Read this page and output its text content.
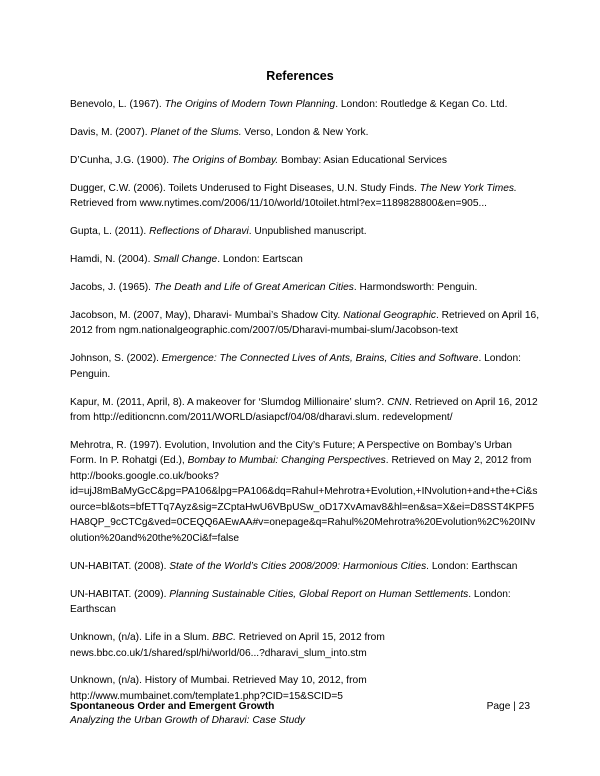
References
Benevolo, L. (1967). The Origins of Modern Town Planning. London: Routledge & Kegan Co. Ltd.
Davis, M. (2007). Planet of the Slums. Verso, London & New York.
D’Cunha, J.G. (1900). The Origins of Bombay. Bombay: Asian Educational Services
Dugger, C.W. (2006). Toilets Underused to Fight Diseases, U.N. Study Finds. The New York Times. Retrieved from www.nytimes.com/2006/11/10/world/10toilet.html?ex=1189828800&en=905...
Gupta, L. (2011). Reflections of Dharavi. Unpublished manuscript.
Hamdi, N. (2004). Small Change. London: Eartscan
Jacobs, J. (1965). The Death and Life of Great American Cities. Harmondsworth: Penguin.
Jacobson, M. (2007, May), Dharavi- Mumbai’s Shadow City. National Geographic. Retrieved on April 16, 2012 from ngm.nationalgeographic.com/2007/05/Dharavi-mumbai-slum/Jacobson-text
Johnson, S. (2002). Emergence: The Connected Lives of Ants, Brains, Cities and Software. London: Penguin.
Kapur, M. (2011, April, 8). A makeover for ‘Slumdog Millionaire’ slum?. CNN. Retrieved on April 16, 2012 from http://editioncnn.com/2011/WORLD/asiapcf/04/08/dharavi.slum. redevelopment/
Mehrotra, R. (1997). Evolution, Involution and the City’s Future; A Perspective on Bombay’s Urban Form. In P. Rohatgi (Ed.), Bombay to Mumbai: Changing Perspectives. Retrieved on May 2, 2012 from http://books.google.co.uk/books?id=ujJ8mBaMyGcC&pg=PA106&lpg=PA106&dq=Rahul+Mehrotra+Evolution,+INvolution+and+the+Ci&source=bl&ots=bfETTq7Ayz&sig=ZCptaHwU6VBpUSw_oD17XvAmav8&hl=en&sa=X&ei=D8SST4KPF5HA8QP_9cCTCg&ved=0CEQQ6AEwAA#v=onepage&q=Rahul%20Mehrotra%20Evolution%2C%20INvolution%20and%20the%20Ci&f=false
UN-HABITAT. (2008). State of the World’s Cities 2008/2009: Harmonious Cities. London: Earthscan
UN-HABITAT. (2009). Planning Sustainable Cities, Global Report on Human Settlements. London: Earthscan
Unknown, (n/a). Life in a Slum. BBC. Retrieved on April 15, 2012 from news.bbc.co.uk/1/shared/spl/hi/world/06...?dharavi_slum_into.stm
Unknown, (n/a). History of Mumbai. Retrieved May 10, 2012, from http://www.mumbainet.com/template1.php?CID=15&SCID=5
Spontaneous Order and Emergent Growth
Analyzing the Urban Growth of Dharavi: Case Study
Page | 23
